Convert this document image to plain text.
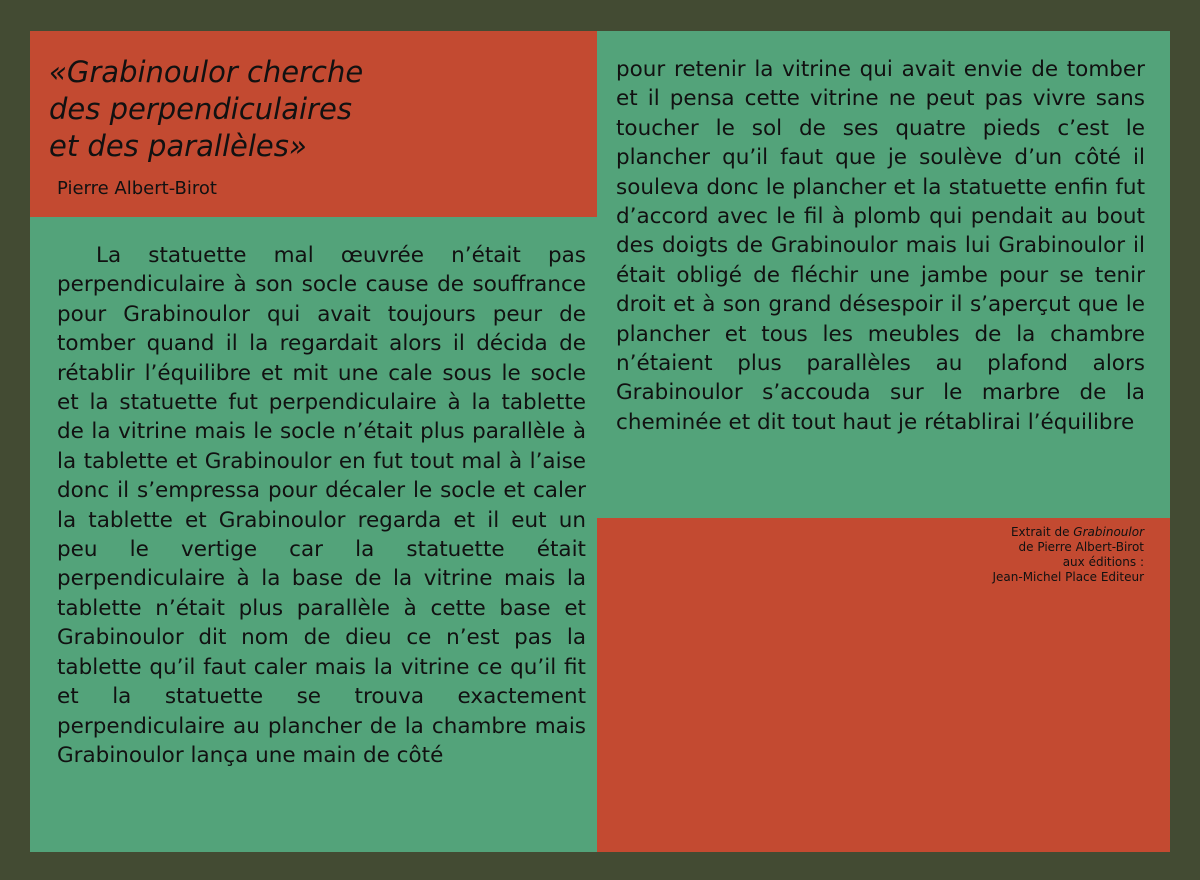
«Grabinoulor cherche
des perpendiculaires
et des parallèles»
Pierre Albert-Birot

La statuette mal œuvrée n’était pas perpendiculaire à son socle cause de souffrance pour Grabinoulor qui avait toujours peur de tomber quand il la regardait alors il décida de rétablir l’équilibre et mit une cale sous le socle et la statuette fut perpendiculaire à la tablette de la vitrine mais le socle n’était plus parallèle à la tablette et Grabinoulor en fut tout mal à l’aise donc il s’empressa pour décaler le socle et caler la tablette et Grabinoulor regarda et il eut un peu le vertige car la statuette était perpendiculaire à la base de la vitrine mais la tablette n’était plus parallèle à cette base et Grabinoulor dit nom de dieu ce n’est pas la tablette qu’il faut caler mais la vitrine ce qu’il fit et la statuette se trouva exactement perpendiculaire au plancher de la chambre mais Grabinoulor lança une main de côté

pour retenir la vitrine qui avait envie de tomber et il pensa cette vitrine ne peut pas vivre sans toucher le sol de ses quatre pieds c’est le plancher qu’il faut que je soulève d’un côté il souleva donc le plancher et la statuette enfin fut d’accord avec le fil à plomb qui pendait au bout des doigts de Grabinoulor mais lui Grabinoulor il était obligé de fléchir une jambe pour se tenir droit et à son grand désespoir il s’aperçut que le plancher et tous les meubles de la chambre n’étaient plus parallèles au plafond alors Grabinoulor s’accouda sur le marbre de la cheminée et dit tout haut je rétablirai l’équilibre

Extrait de Grabinoulor
de Pierre Albert-Birot
aux éditions :
Jean-Michel Place Editeur
